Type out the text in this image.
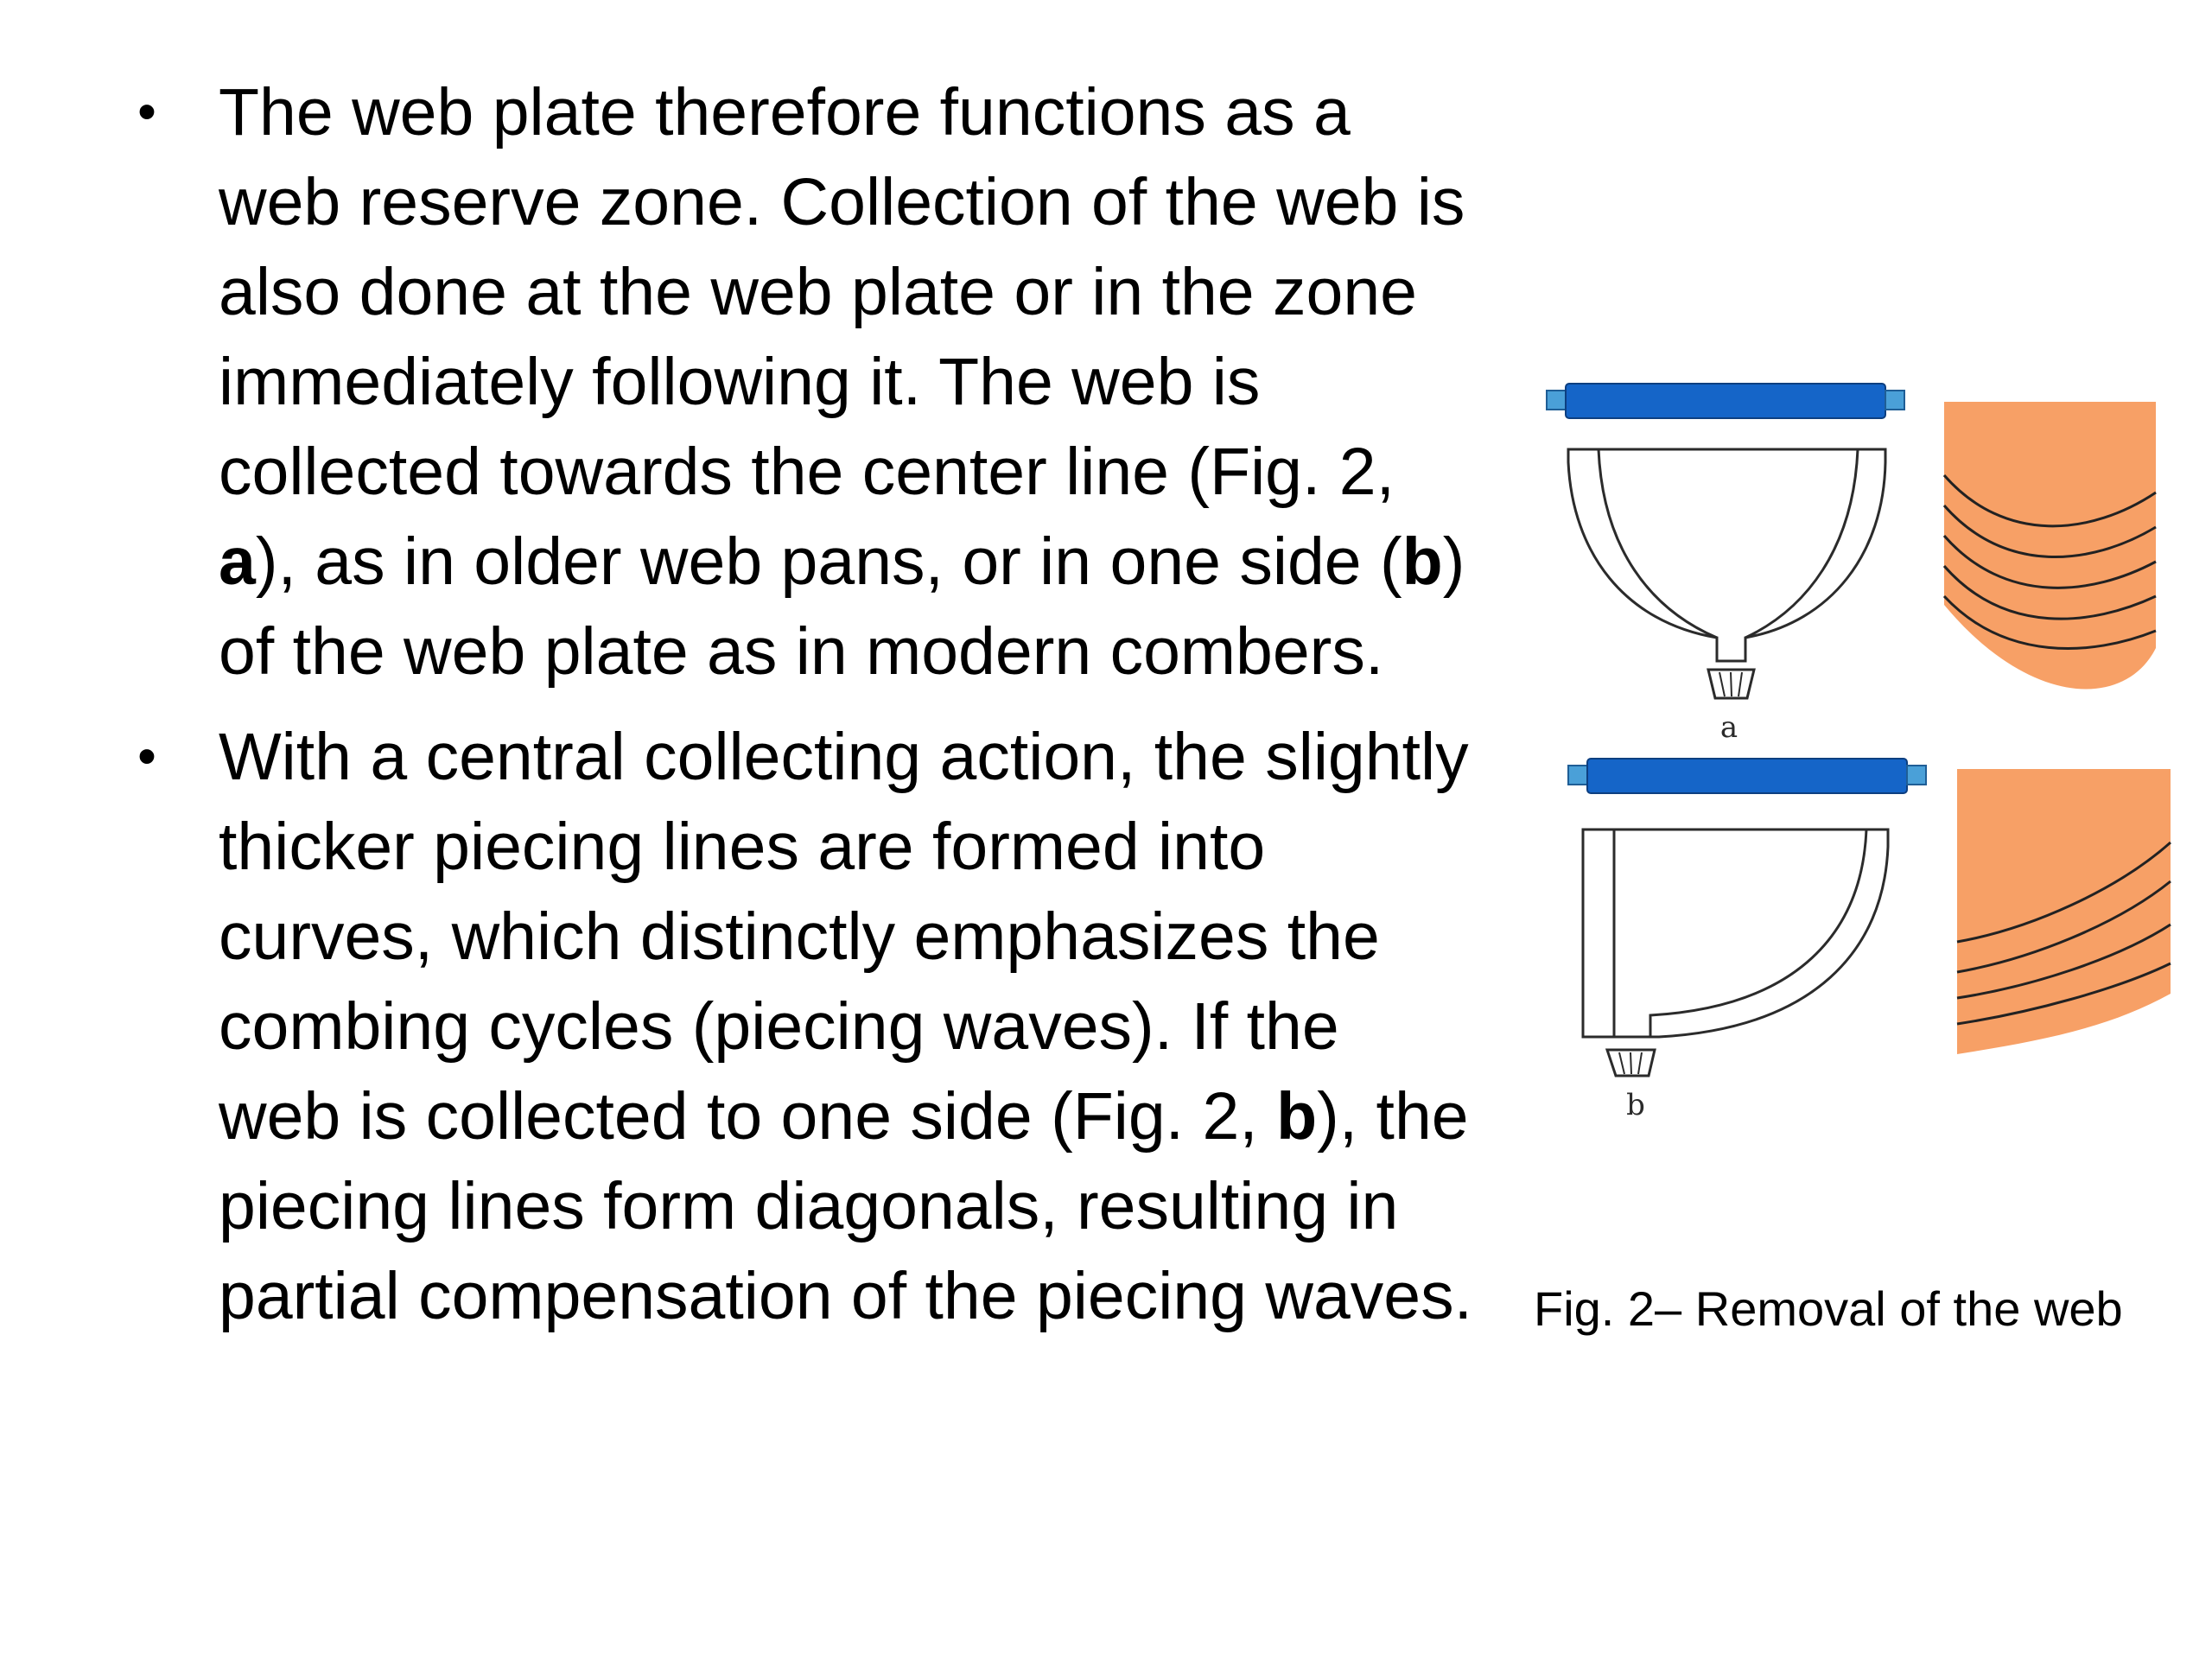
• The web plate therefore functions as a web reserve zone. Collection of the web is also done at the web plate or in the zone immediately following it. The web is collected towards the center line (Fig. 2, a), as in older web pans, or in one side (b) of the web plate as in modern combers.
• With a central collecting action, the slightly thicker piecing lines are formed into curves, which distinctly emphasizes the combing cycles (piecing waves). If the web is collected to one side (Fig. 2, b), the piecing lines form diagonals, resulting in partial compensation of the piecing waves.
a
b
Fig. 2– Removal of the web
